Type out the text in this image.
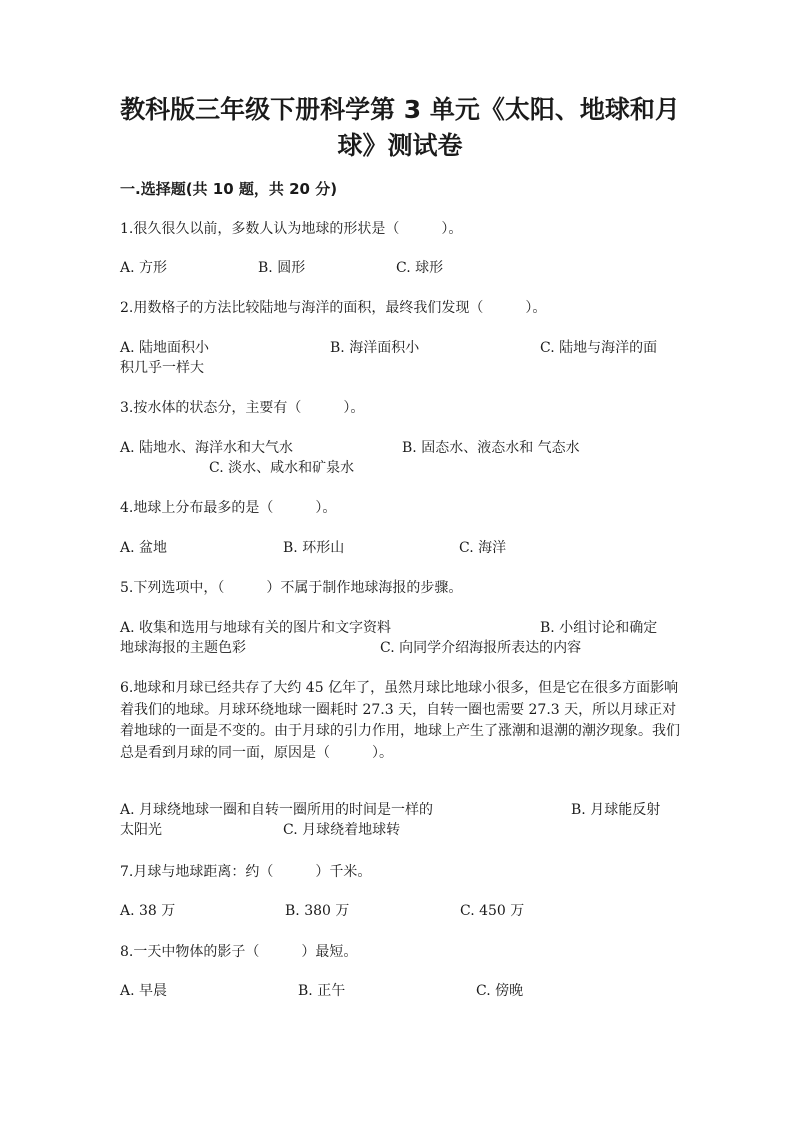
教科版三年级下册科学第 3 单元《太阳、地球和月
球》测试卷
一.选择题(共 10 题，共 20 分)
1.很久很久以前，多数人认为地球的形状是（　　　）。
A. 方形	B. 圆形	C. 球形
2.用数格子的方法比较陆地与海洋的面积，最终我们发现（　　　）。
A. 陆地面积小	B. 海洋面积小	C. 陆地与海洋的面
积几乎一样大
3.按水体的状态分，主要有（　　　）。
A. 陆地水、海洋水和大气水	B. 固态水、液态水和 气态水
C. 淡水、咸水和矿泉水
4.地球上分布最多的是（　　　）。
A. 盆地	B. 环形山	C. 海洋
5.下列选项中，（　　　）不属于制作地球海报的步骤。
A. 收集和选用与地球有关的图片和文字资料	B. 小组讨论和确定
地球海报的主题色彩	C. 向同学介绍海报所表达的内容
6.地球和月球已经共存了大约 45 亿年了，虽然月球比地球小很多，但是它在很多方面影响着我们的地球。月球环绕地球一圈耗时 27.3 天，自转一圈也需要 27.3 天，所以月球正对着地球的一面是不变的。由于月球的引力作用，地球上产生了涨潮和退潮的潮汐现象。我们总是看到月球的同一面，原因是（　　　）。
A. 月球绕地球一圈和自转一圈所用的时间是一样的	B. 月球能反射
太阳光	C. 月球绕着地球转
7.月球与地球距离：约（　　　）千米。
A. 38 万	B. 380 万	C. 450 万
8.一天中物体的影子（　　　）最短。
A. 早晨	B. 正午	C. 傍晚
